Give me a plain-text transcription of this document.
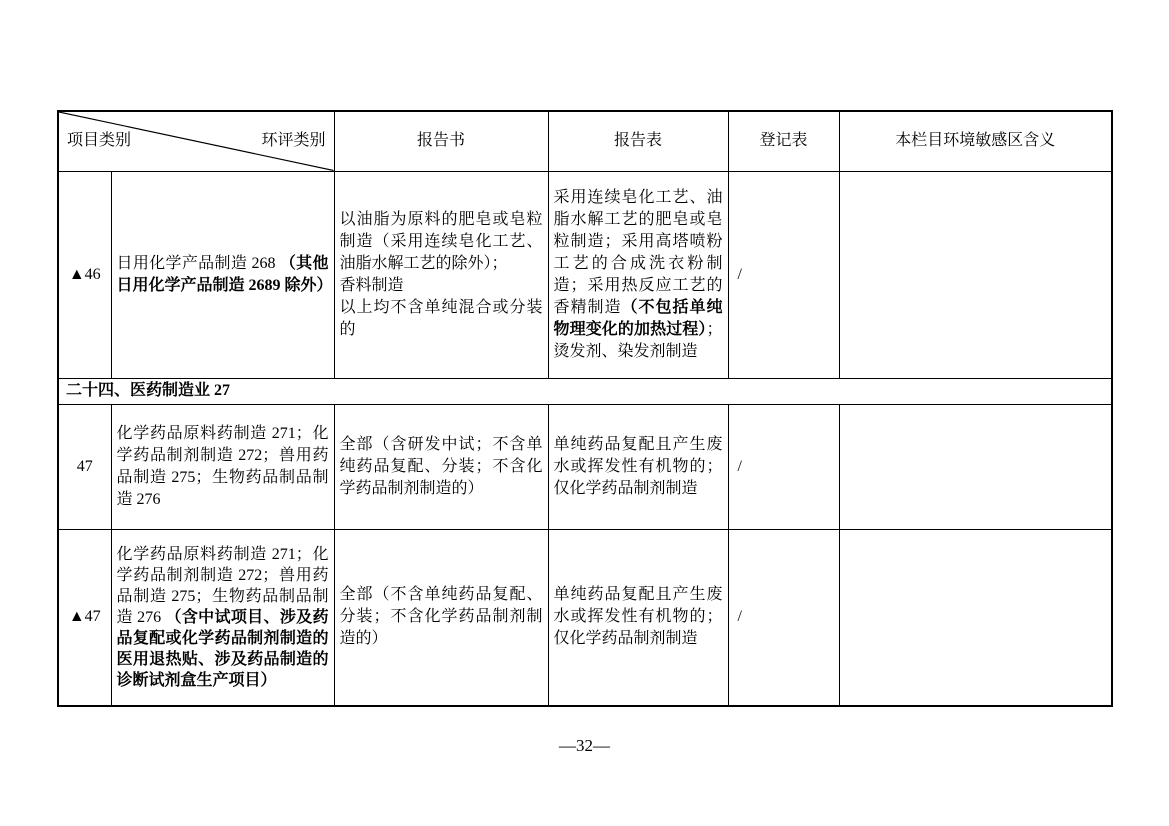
项目类别 环评类别		报告书	报告表	登记表	本栏目环境敏感区含义
▲46	日用化学产品制造 268 （其他日用化学产品制造 2689 除外）	以油脂为原料的肥皂或皂粒制造（采用连续皂化工艺、油脂水解工艺的除外）；
香料制造
以上均不含单纯混合或分装的	采用连续皂化工艺、油脂水解工艺的肥皂或皂粒制造；采用高塔喷粉工艺的合成洗衣粉制造；采用热反应工艺的香精制造（不包括单纯物理变化的加热过程）；烫发剂、染发剂制造	/	
二十四、医药制造业 27					
47	化学药品原料药制造 271；化学药品制剂制造 272；兽用药品制造 275；生物药品制品制造 276	全部（含研发中试；不含单纯药品复配、分装；不含化学药品制剂制造的）	单纯药品复配且产生废水或挥发性有机物的；仅化学药品制剂制造	/	
▲47	化学药品原料药制造 271；化学药品制剂制造 272；兽用药品制造 275；生物药品制品制造 276 （含中试项目、涉及药品复配或化学药品制剂制造的医用退热贴、涉及药品制造的诊断试剂盒生产项目）	全部（不含单纯药品复配、分装；不含化学药品制剂制造的）	单纯药品复配且产生废水或挥发性有机物的；仅化学药品制剂制造	/	
—32—
